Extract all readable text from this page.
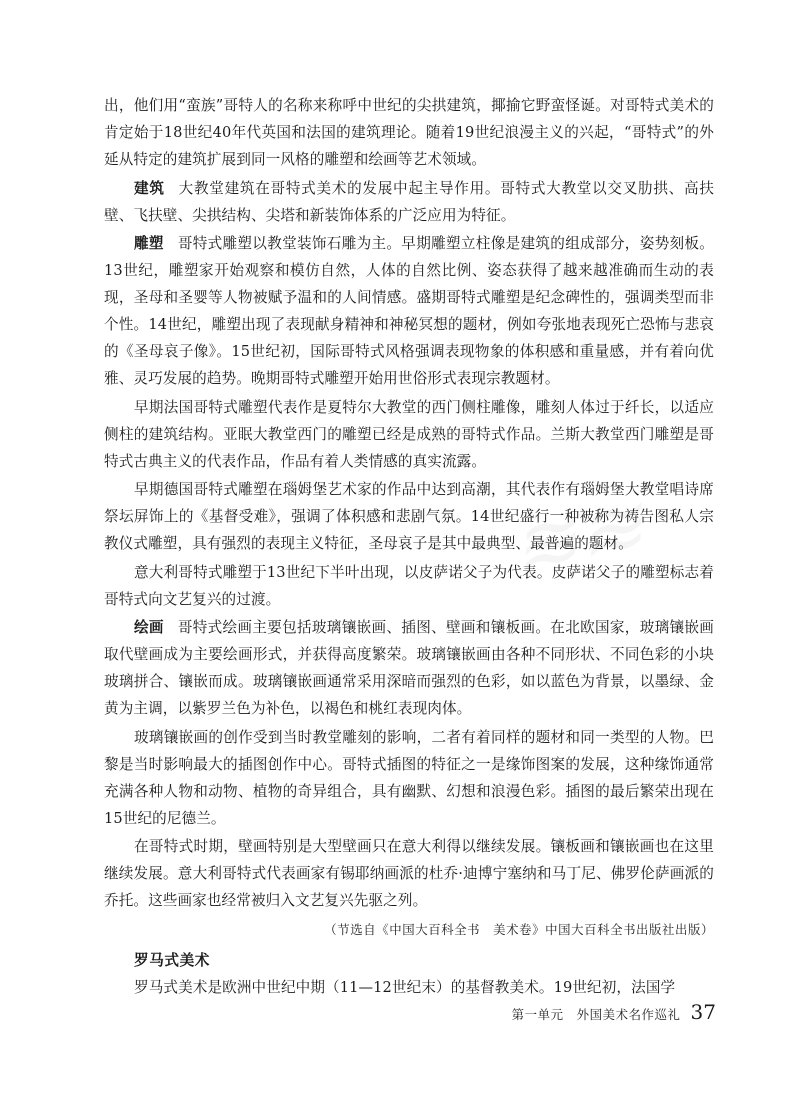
≋≋

出，他们用“蛮族”哥特人的名称来称呼中世纪的尖拱建筑，揶揄它野蛮怪诞。对哥特式美术的肯定始于18世纪40年代英国和法国的建筑理论。随着19世纪浪漫主义的兴起，“哥特式”的外延从特定的建筑扩展到同一风格的雕塑和绘画等艺术领域。

建筑 大教堂建筑在哥特式美术的发展中起主导作用。哥特式大教堂以交叉肋拱、高扶壁、飞扶壁、尖拱结构、尖塔和新装饰体系的广泛应用为特征。

雕塑 哥特式雕塑以教堂装饰石雕为主。早期雕塑立柱像是建筑的组成部分，姿势刻板。13世纪，雕塑家开始观察和模仿自然，人体的自然比例、姿态获得了越来越准确而生动的表现，圣母和圣婴等人物被赋予温和的人间情感。盛期哥特式雕塑是纪念碑性的，强调类型而非个性。14世纪，雕塑出现了表现献身精神和神秘冥想的题材，例如夸张地表现死亡恐怖与悲哀的《圣母哀子像》。15世纪初，国际哥特式风格强调表现物象的体积感和重量感，并有着向优雅、灵巧发展的趋势。晚期哥特式雕塑开始用世俗形式表现宗教题材。

早期法国哥特式雕塑代表作是夏特尔大教堂的西门侧柱雕像，雕刻人体过于纤长，以适应侧柱的建筑结构。亚眠大教堂西门的雕塑已经是成熟的哥特式作品。兰斯大教堂西门雕塑是哥特式古典主义的代表作品，作品有着人类情感的真实流露。

早期德国哥特式雕塑在瑙姆堡艺术家的作品中达到高潮，其代表作有瑙姆堡大教堂唱诗席祭坛屏饰上的《基督受难》，强调了体积感和悲剧气氛。14世纪盛行一种被称为祷告图私人宗教仪式雕塑，具有强烈的表现主义特征，圣母哀子是其中最典型、最普遍的题材。

意大利哥特式雕塑于13世纪下半叶出现，以皮萨诺父子为代表。皮萨诺父子的雕塑标志着哥特式向文艺复兴的过渡。

绘画 哥特式绘画主要包括玻璃镶嵌画、插图、壁画和镶板画。在北欧国家，玻璃镶嵌画取代壁画成为主要绘画形式，并获得高度繁荣。玻璃镶嵌画由各种不同形状、不同色彩的小块玻璃拼合、镶嵌而成。玻璃镶嵌画通常采用深暗而强烈的色彩，如以蓝色为背景，以墨绿、金黄为主调，以紫罗兰色为补色，以褐色和桃红表现肉体。

玻璃镶嵌画的创作受到当时教堂雕刻的影响，二者有着同样的题材和同一类型的人物。巴黎是当时影响最大的插图创作中心。哥特式插图的特征之一是缘饰图案的发展，这种缘饰通常充满各种人物和动物、植物的奇异组合，具有幽默、幻想和浪漫色彩。插图的最后繁荣出现在15世纪的尼德兰。

在哥特式时期，壁画特别是大型壁画只在意大利得以继续发展。镶板画和镶嵌画也在这里继续发展。意大利哥特式代表画家有锡耶纳画派的杜乔·迪博宁塞纳和马丁尼、佛罗伦萨画派的乔托。这些画家也经常被归入文艺复兴先驱之列。

（节选自《中国大百科全书　美术卷》中国大百科全书出版社出版）

罗马式美术

罗马式美术是欧洲中世纪中期（11—12世纪末）的基督教美术。19世纪初，法国学

第一单元　外国美术名作巡礼 37
